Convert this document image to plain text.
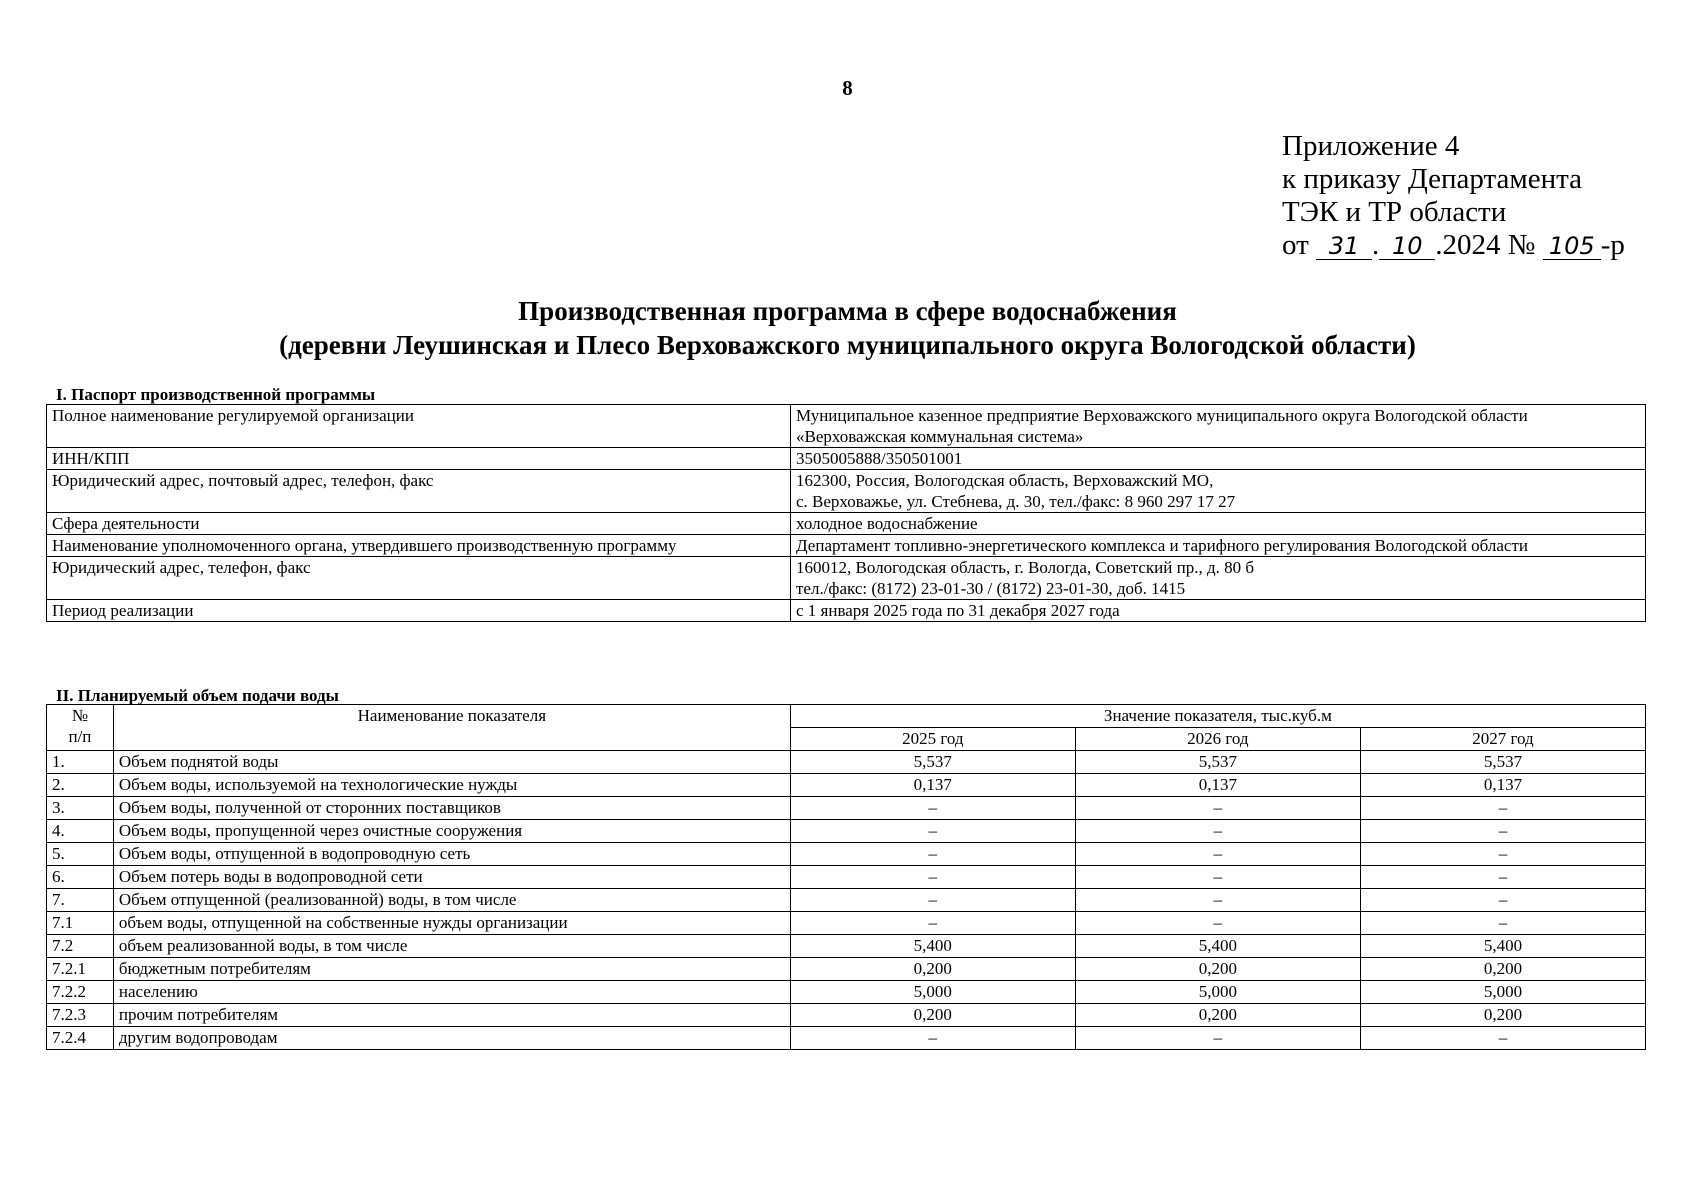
8
Приложение 4
к приказу Департамента
ТЭК и ТР области
от 31 . 10 .2024 № 105 -р
Производственная программа в сфере водоснабжения
(деревни Леушинская и Плесо Верховажского муниципального округа Вологодской области)
I. Паспорт производственной программы
Полное наименование регулируемой организации	Муниципальное казенное предприятие Верховажского муниципального округа Вологодской области «Верховажская коммунальная система»

ИНН/КПП	3505005888/350501001

Юридический адрес, почтовый адрес, телефон, факс	162300, Россия, Вологодская область, Верховажский МО,
с. Верховажье, ул. Стебнева, д. 30, тел./факс: 8 960 297 17 27

Сфера деятельности	холодное водоснабжение

Наименование уполномоченного органа, утвердившего производственную программу	Департамент топливно-энергетического комплекса и тарифного регулирования Вологодской области

Юридический адрес, телефон, факс	160012, Вологодская область, г. Вологда, Советский пр., д. 80 б
тел./факс: (8172) 23-01-30 / (8172) 23-01-30, доб. 1415

Период реализации	с 1 января 2025 года по 31 декабря 2027 года
II. Планируемый объем подачи воды
№
п/п	Наименование показателя	Значение показателя, тыс.куб.м		
		2025 год	2026 год	2027 год
1.	Объем поднятой воды	5,537	5,537	5,537
2.	Объем воды, используемой на технологические нужды	0,137	0,137	0,137
3.	Объем воды, полученной от сторонних поставщиков	–	–	–
4.	Объем воды, пропущенной через очистные сооружения	–	–	–
5.	Объем воды, отпущенной в водопроводную сеть	–	–	–
6.	Объем потерь воды в водопроводной сети	–	–	–
7.	Объем отпущенной (реализованной) воды, в том числе	–	–	–
7.1	объем воды, отпущенной на собственные нужды организации	–	–	–
7.2	объем реализованной воды, в том числе	5,400	5,400	5,400
7.2.1	бюджетным потребителям	0,200	0,200	0,200
7.2.2	населению	5,000	5,000	5,000
7.2.3	прочим потребителям	0,200	0,200	0,200
7.2.4	другим водопроводам	–	–	–
